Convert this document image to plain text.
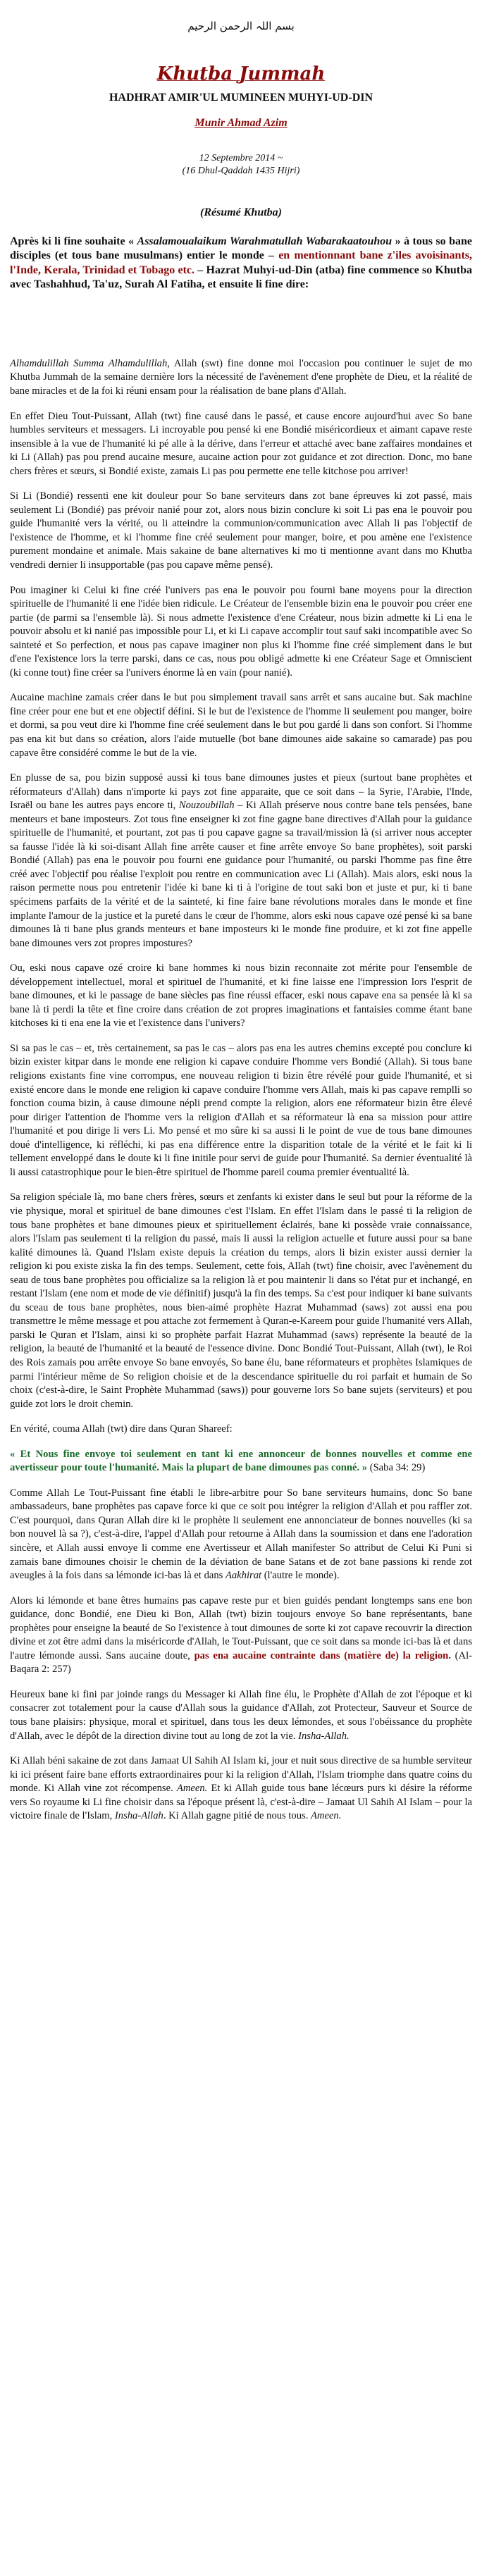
بسم اللہ الرحمن الرحیم
Khutba Jummah
HADHRAT AMIR'UL MUMINEEN MUHYI-UD-DIN
Munir Ahmad Azim
12 Septembre 2014 ~
(16 Dhul-Qaddah 1435 Hijri)
(Résumé Khutba)

Après ki li fine souhaite « Assalamoualaikum Warahmatullah Wabarakaatouhou » à tous so bane disciples (et tous bane musulmans) entier le monde – en mentionnant bane z'iles avoisinants, l'Inde, Kerala, Trinidad et Tobago etc. – Hazrat Muhyi-ud-Din (atba) fine commence so Khutba avec Tashahhud, Ta'uz, Surah Al Fatiha, et ensuite li fine dire:

Alhamdulillah Summa Alhamdulillah, Allah (swt) fine donne moi l'occasion pou continuer le sujet de mo Khutba Jummah de la semaine dernière lors la nécessité de l'avènement d'ene prophète de Dieu, et la réalité de bane miracles et de la foi ki réuni ensam pour la réalisation de bane plans d'Allah.

En effet Dieu Tout-Puissant, Allah (twt) fine causé dans le passé, et cause encore aujourd'hui avec So bane humbles serviteurs et messagers. Li incroyable pou pensé ki ene Bondié miséricordieux et aimant capave reste insensible à la vue de l'humanité ki pé alle à la dérive, dans l'erreur et attaché avec bane zaffaires mondaines et ki Li (Allah) pas pou prend aucaine mesure, aucaine action pour zot guidance et zot direction. Donc, mo bane chers frères et sœurs, si Bondié existe, zamais Li pas pou permette ene telle kitchose pou arriver!

Si Li (Bondié) ressenti ene kit douleur pour So bane serviteurs dans zot bane épreuves ki zot passé, mais seulement Li (Bondié) pas prévoir nanié pour zot, alors nous bizin conclure ki soit Li pas ena le pouvoir pou guide l'humanité vers la vérité, ou li atteindre la communion/communication avec Allah li pas l'objectif de l'existence de l'homme, et ki l'homme fine créé seulement pour manger, boire, et pou amène ene l'existence purement mondaine et animale. Mais sakaine de bane alternatives ki mo ti mentionne avant dans mo Khutba vendredi dernier li insupportable (pas pou capave même pensé).

Pou imaginer ki Celui ki fine créé l'univers pas ena le pouvoir pou fourni bane moyens pour la direction spirituelle de l'humanité li ene l'idée bien ridicule. Le Créateur de l'ensemble bizin ena le pouvoir pou créer ene partie (de parmi sa l'ensemble là). Si nous admette l'existence d'ene Créateur, nous bizin admette ki Li ena le pouvoir absolu et ki nanié pas impossible pour Li, et ki Li capave accomplir tout sauf saki incompatible avec So sainteté et So perfection, et nous pas capave imaginer non plus ki l'homme fine créé simplement dans le but d'ene l'existence lors la terre parski, dans ce cas, nous pou obligé admette ki ene Créateur Sage et Omniscient (ki conne tout) fine créer sa l'univers énorme là en vain (pour nanié).

Aucaine machine zamais créer dans le but pou simplement travail sans arrêt et sans aucaine but. Sak machine fine créer pour ene but et ene objectif défini. Si le but de l'existence de l'homme li seulement pou manger, boire et dormi, sa pou veut dire ki l'homme fine créé seulement dans le but pou gardé li dans son confort. Si l'homme pas ena kit but dans so création, alors l'aide mutuelle (bot bane dimounes aide sakaine so camarade) pas pou capave être considéré comme le but de la vie.

En plusse de sa, pou bizin supposé aussi ki tous bane dimounes justes et pieux (surtout bane prophètes et réformateurs d'Allah) dans n'importe ki pays zot fine apparaite, que ce soit dans – la Syrie, l'Arabie, l'Inde, Israël ou bane les autres pays encore ti, Nouzoubillah – Ki Allah préserve nous contre bane tels pensées, bane menteurs et bane imposteurs. Zot tous fine enseigner ki zot fine gagne bane directives d'Allah pour la guidance spirituelle de l'humanité, et pourtant, zot pas ti pou capave gagne sa travail/mission là (si arriver nous accepter sa fausse l'idée là ki soi-disant Allah fine arrête causer et fine arrête envoye So bane prophètes), soit parski Bondié (Allah) pas ena le pouvoir pou fourni ene guidance pour l'humanité, ou parski l'homme pas fine être créé avec l'objectif pou réalise l'exploit pou rentre en communication avec Li (Allah). Mais alors, eski nous la raison permette nous pou entretenir l'idée ki bane ki ti à l'origine de tout saki bon et juste et pur, ki ti bane spécimens parfaits de la vérité et de la sainteté, ki fine faire bane révolutions morales dans le monde et fine implante l'amour de la justice et la pureté dans le cœur de l'homme, alors eski nous capave ozé pensé ki sa bane dimounes là ti bane plus grands menteurs et bane imposteurs ki le monde fine produire, et ki zot fine appelle bane dimounes vers zot propres impostures?

Ou, eski nous capave ozé croire ki bane hommes ki nous bizin reconnaite zot mérite pour l'ensemble de développement intellectuel, moral et spirituel de l'humanité, et ki fine laisse ene l'impression lors l'esprit de bane dimounes, et ki le passage de bane siècles pas fine réussi effacer, eski nous capave ena sa pensée là ki sa bane là ti perdi la tête et fine croire dans création de zot propres imaginations et fantaisies comme étant bane kitchoses ki ti ena ene la vie et l'existence dans l'univers?

Si sa pas le cas – et, très certainement, sa pas le cas – alors pas ena les autres chemins excepté pou conclure ki bizin exister kitpar dans le monde ene religion ki capave conduire l'homme vers Bondié (Allah). Si tous bane religions existants fine vine corrompus, ene nouveau religion ti bizin être révélé pour guide l'humanité, et si existé encore dans le monde ene religion ki capave conduire l'homme vers Allah, mais ki pas capave remplli so fonction couma bizin, à cause dimoune népli prend compte la religion, alors ene réformateur bizin être élevé pour diriger l'attention de l'homme vers la religion d'Allah et sa réformateur là ena sa mission pour attire l'humanité et pou dirige li vers Li. Mo pensé et mo sûre ki sa aussi li le point de vue de tous bane dimounes doué d'intelligence, ki réfléchi, ki pas ena différence entre la disparition totale de la vérité et le fait ki li tellement enveloppé dans le doute ki li fine initile pour servi de guide pour l'humanité. Sa dernier éventualité là li aussi catastrophique pour le bien-être spirituel de l'homme pareil couma premier éventualité là.

Sa religion spéciale là, mo bane chers frères, sœurs et zenfants ki exister dans le seul but pour la réforme de la vie physique, moral et spirituel de bane dimounes c'est l'Islam. En effet l'Islam dans le passé ti la religion de tous bane prophètes et bane dimounes pieux et spirituellement éclairés, bane ki possède vraie connaissance, alors l'Islam pas seulement ti la religion du passé, mais li aussi la religion actuelle et future aussi pour sa bane kalité dimounes là. Quand l'Islam existe depuis la création du temps, alors li bizin exister aussi dernier la religion ki pou existe ziska la fin des temps. Seulement, cette fois, Allah (twt) fine choisir, avec l'avènement du seau de tous bane prophètes pou officialize sa la religion là et pou maintenir li dans so l'état pur et inchangé, en restant l'Islam (ene nom et mode de vie définitif) jusqu'à la fin des temps. Sa c'est pour indiquer ki bane suivants du sceau de tous bane prophètes, nous bien-aimé prophète Hazrat Muhammad (saws) zot aussi ena pou transmettre le même message et pou attache zot fermement à Quran-e-Kareem pour guide l'humanité vers Allah, parski le Quran et l'Islam, ainsi ki so prophète parfait Hazrat Muhammad (saws) représente la beauté de la religion, la beauté de l'humanité et la beauté de l'essence divine. Donc Bondié Tout-Puissant, Allah (twt), le Roi des Rois zamais pou arrête envoye So bane envoyés, So bane élu, bane réformateurs et prophètes Islamiques de parmi l'intérieur même de So religion choisie et de la descendance spirituelle du roi parfait et humain de So choix (c'est-à-dire, le Saint Prophète Muhammad (saws)) pour gouverne lors So bane sujets (serviteurs) et pou guide zot lors le droit chemin.

En vérité, couma Allah (twt) dire dans Quran Shareef:

« Et Nous fine envoye toi seulement en tant ki ene annonceur de bonnes nouvelles et comme ene avertisseur pour toute l'humanité. Mais la plupart de bane dimounes pas conné. » (Saba 34: 29)

Comme Allah Le Tout-Puissant fine établi le libre-arbitre pour So bane serviteurs humains, donc So bane ambassadeurs, bane prophètes pas capave force ki que ce soit pou intégrer la religion d'Allah et pou raffler zot. C'est pourquoi, dans Quran Allah dire ki le prophète li seulement ene annonciateur de bonnes nouvelles (ki sa bon nouvel là sa ?), c'est-à-dire, l'appel d'Allah pour retourne à Allah dans la soumission et dans ene l'adoration sincère, et Allah aussi envoye li comme ene Avertisseur et Allah manifester So attribut de Celui Ki Puni si zamais bane dimounes choisir le chemin de la déviation de bane Satans et de zot bane passions ki rende zot aveugles à la fois dans sa lémonde ici-bas là et dans Aakhirat (l'autre le monde).

Alors ki lémonde et bane êtres humains pas capave reste pur et bien guidés pendant longtemps sans ene bon guidance, donc Bondié, ene Dieu ki Bon, Allah (twt) bizin toujours envoye So bane représentants, bane prophètes pour enseigne la beauté de So l'existence à tout dimounes de sorte ki zot capave recouvrir la direction divine et zot être admi dans la miséricorde d'Allah, le Tout-Puissant, que ce soit dans sa monde ici-bas là et dans l'autre lémonde aussi. Sans aucaine doute, pas ena aucaine contrainte dans (matière de) la religion. (Al-Baqara 2: 257)

Heureux bane ki fini par joinde rangs du Messager ki Allah fine élu, le Prophète d'Allah de zot l'époque et ki consacrer zot totalement pour la cause d'Allah sous la guidance d'Allah, zot Protecteur, Sauveur et Source de tous bane plaisirs: physique, moral et spirituel, dans tous les deux lémondes, et sous l'obéissance du prophète d'Allah, avec le dépôt de la direction divine tout au long de zot la vie. Insha-Allah.

Ki Allah béni sakaine de zot dans Jamaat Ul Sahih Al Islam ki, jour et nuit sous directive de sa humble serviteur ki ici présent faire bane efforts extraordinaires pour ki la religion d'Allah, l'Islam triomphe dans quatre coins du monde. Ki Allah vine zot récompense. Ameen. Et ki Allah guide tous bane lécœurs purs ki désire la réforme vers So royaume ki Li fine choisir dans sa l'époque présent là, c'est-à-dire – Jamaat Ul Sahih Al Islam – pour la victoire finale de l'Islam, Insha-Allah. Ki Allah gagne pitié de nous tous. Ameen.
